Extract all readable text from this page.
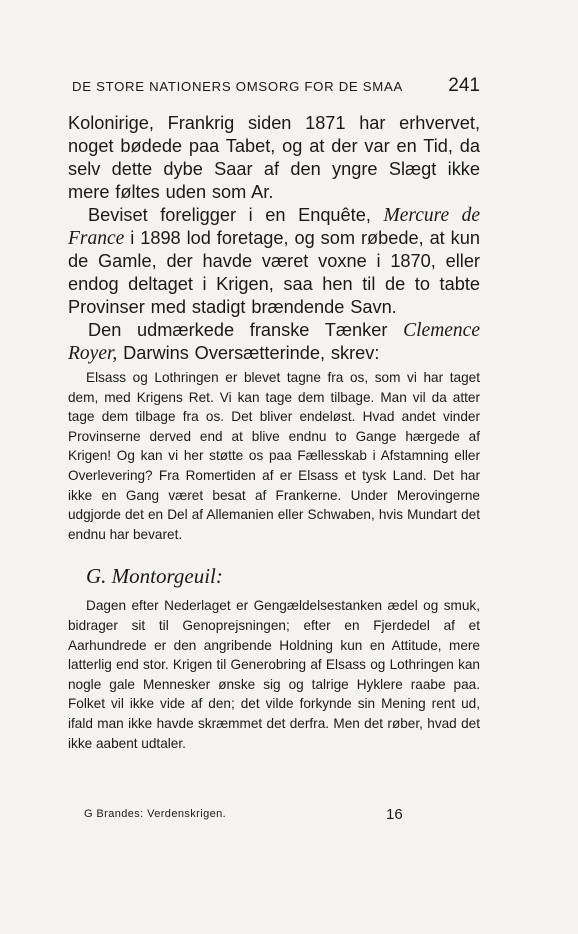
DE STORE NATIONERS OMSORG FOR DE SMAA 241

Kolonirige, Frankrig siden 1871 har erhvervet, noget bødede paa Tabet, og at der var en Tid, da selv dette dybe Saar af den yngre Slægt ikke mere føltes uden som Ar.

Beviset foreligger i en Enquête, Mercure de France i 1898 lod foretage, og som røbede, at kun de Gamle, der havde været voxne i 1870, eller endog deltaget i Krigen, saa hen til de to tabte Provinser med stadigt brændende Savn.

Den udmærkede franske Tænker Clemence Royer, Darwins Oversætterinde, skrev:

Elsass og Lothringen er blevet tagne fra os, som vi har taget dem, med Krigens Ret. Vi kan tage dem tilbage. Man vil da atter tage dem tilbage fra os. Det bliver endeløst. Hvad andet vinder Provinserne derved end at blive endnu to Gange hærgede af Krigen! Og kan vi her støtte os paa Fællesskab i Afstamning eller Overlevering? Fra Romertiden af er Elsass et tysk Land. Det har ikke en Gang været besat af Frankerne. Under Merovingerne udgjorde det en Del af Allemanien eller Schwaben, hvis Mundart det endnu har bevaret.

G. Montorgeuil:

Dagen efter Nederlaget er Gengældelsestanken ædel og smuk, bidrager sit til Genoprejsningen; efter en Fjerdedel af et Aarhundrede er den angribende Holdning kun en Attitude, mere latterlig end stor. Krigen til Generobring af Elsass og Lothringen kan nogle gale Mennesker ønske sig og talrige Hyklere raabe paa. Folket vil ikke vide af den; det vilde forkynde sin Mening rent ud, ifald man ikke havde skræmmet det derfra. Men det røber, hvad det ikke aabent udtaler.

G Brandes: Verdenskrigen.	16
